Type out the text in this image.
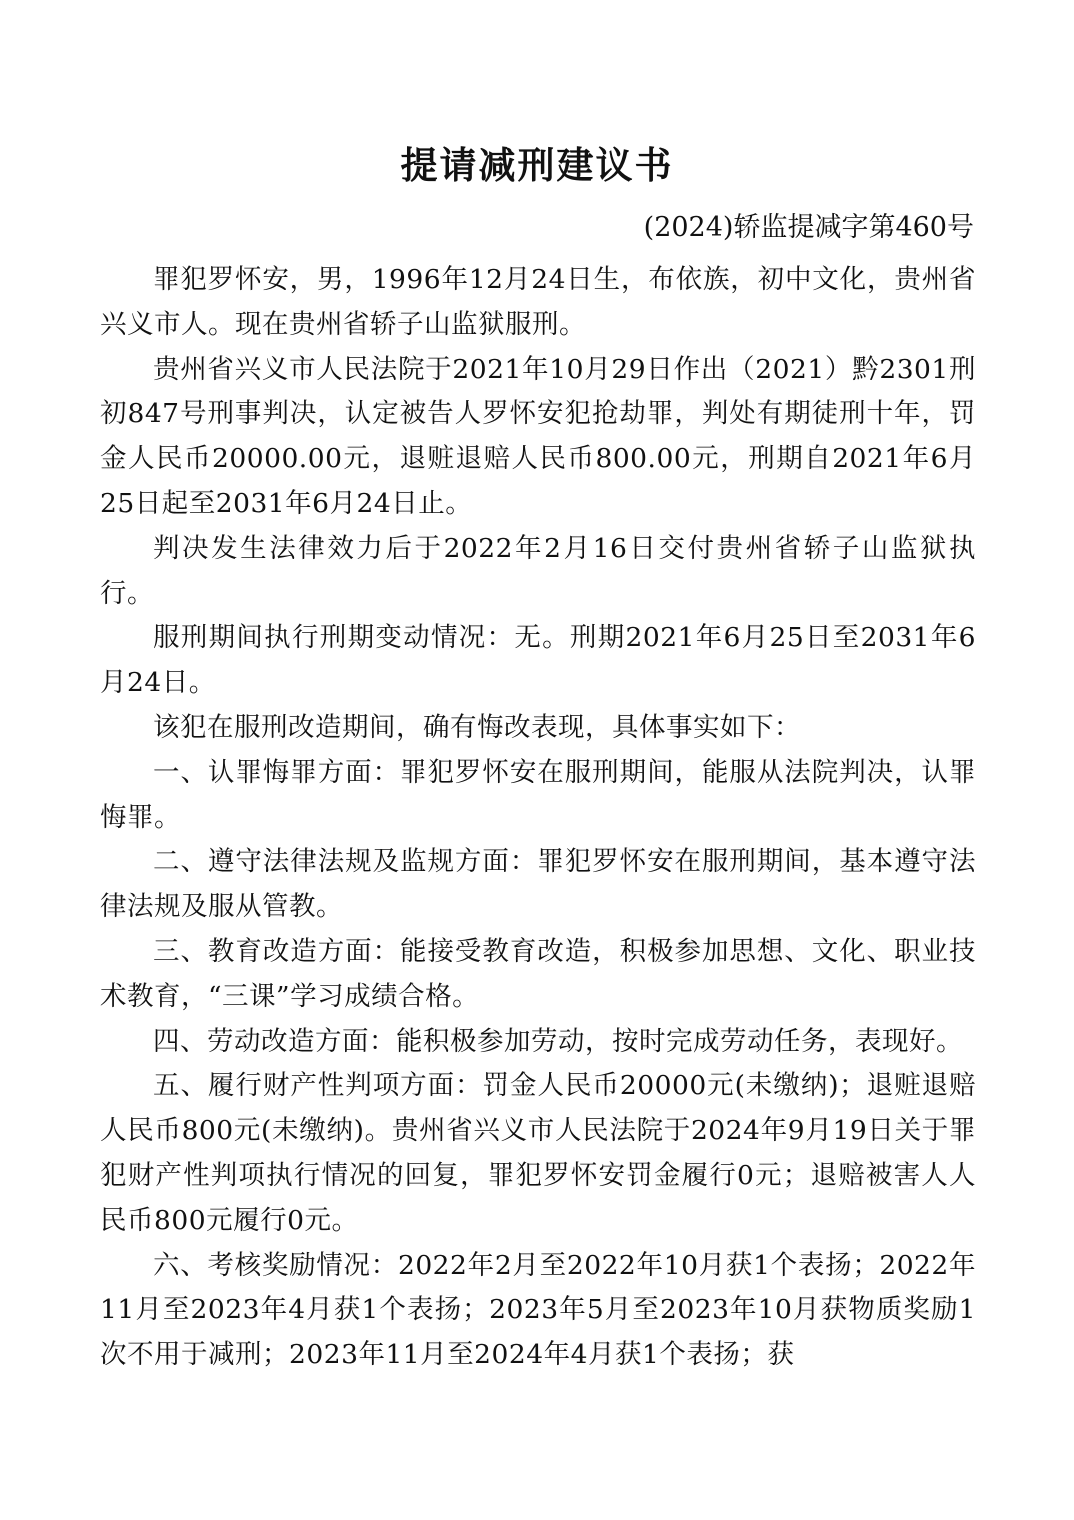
提请减刑建议书
(2024)轿监提减字第460号

罪犯罗怀安，男，1996年12月24日生，布依族，初中文化，贵州省兴义市人。现在贵州省轿子山监狱服刑。

贵州省兴义市人民法院于2021年10月29日作出（2021）黔2301刑初847号刑事判决，认定被告人罗怀安犯抢劫罪，判处有期徒刑十年，罚金人民币20000.00元，退赃退赔人民币800.00元，刑期自2021年6月25日起至2031年6月24日止。

判决发生法律效力后于2022年2月16日交付贵州省轿子山监狱执行。

服刑期间执行刑期变动情况：无。刑期2021年6月25日至2031年6月24日。

该犯在服刑改造期间，确有悔改表现，具体事实如下：

一、认罪悔罪方面：罪犯罗怀安在服刑期间，能服从法院判决，认罪悔罪。

二、遵守法律法规及监规方面：罪犯罗怀安在服刑期间，基本遵守法律法规及服从管教。

三、教育改造方面：能接受教育改造，积极参加思想、文化、职业技术教育，“三课”学习成绩合格。

四、劳动改造方面：能积极参加劳动，按时完成劳动任务，表现好。

五、履行财产性判项方面：罚金人民币20000元(未缴纳)；退赃退赔人民币800元(未缴纳)。贵州省兴义市人民法院于2024年9月19日关于罪犯财产性判项执行情况的回复，罪犯罗怀安罚金履行0元；退赔被害人人民币800元履行0元。

六、考核奖励情况：2022年2月至2022年10月获1个表扬；2022年11月至2023年4月获1个表扬；2023年5月至2023年10月获物质奖励1次不用于减刑；2023年11月至2024年4月获1个表扬；获
